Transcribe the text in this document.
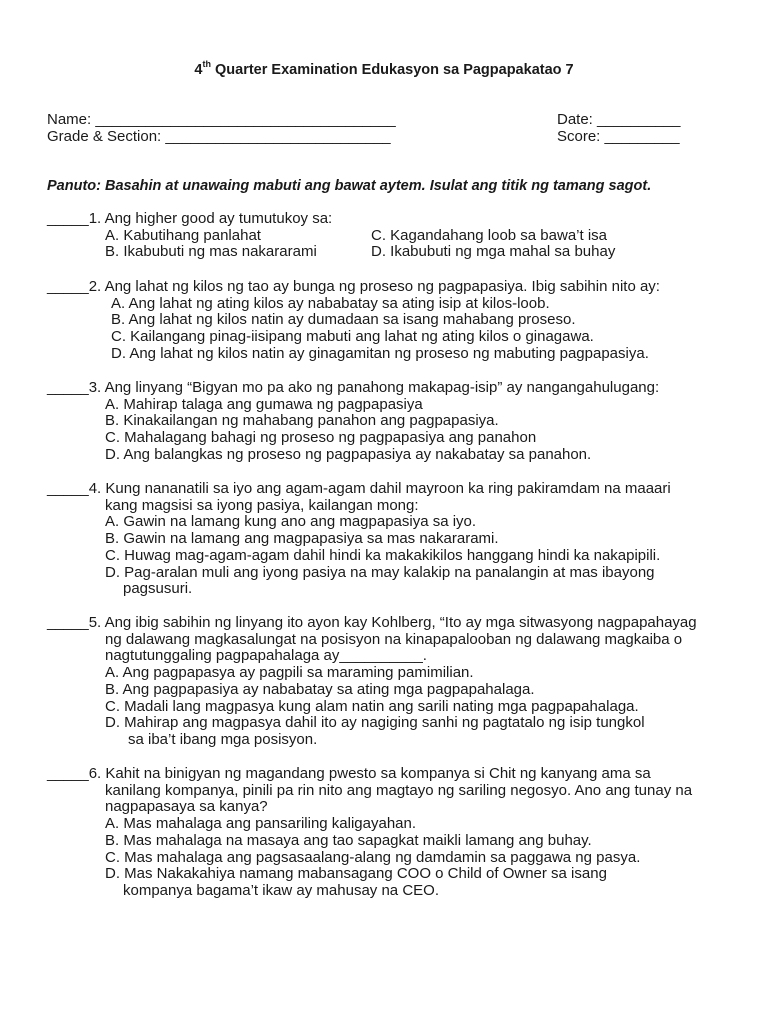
4th Quarter Examination Edukasyon sa Pagpapakatao 7
Name: ____________________________________	Date: __________
Grade & Section: ___________________________	Score: _________
Panuto: Basahin at unawaing mabuti ang bawat aytem. Isulat ang titik ng tamang sagot.
_____ 1. Ang higher good ay tumutukoy sa:
A. Kabutihang panlahat	C. Kagandahang loob sa bawa’t isa
B. Ikabubuti ng mas nakararami	D. Ikabubuti ng mga mahal sa buhay
_____ 2. Ang lahat ng kilos ng tao ay bunga ng proseso ng pagpapasiya. Ibig sabihin nito ay:
A. Ang lahat ng ating kilos ay nababatay sa ating isip at kilos-loob.
B. Ang lahat ng kilos natin ay dumadaan sa isang mahabang proseso.
C. Kailangang pinag-iisipang mabuti ang lahat ng ating kilos o ginagawa.
D. Ang lahat ng kilos natin ay ginagamitan ng proseso ng mabuting pagpapasiya.
_____ 3. Ang linyang “Bigyan mo pa ako ng panahong makapag-isip” ay nangangahulugang:
A. Mahirap talaga ang gumawa ng pagpapasiya
B. Kinakailangan ng mahabang panahon ang pagpapasiya.
C. Mahalagang bahagi ng proseso ng pagpapasiya ang panahon
D. Ang balangkas ng proseso ng pagpapasiya ay nakabatay sa panahon.
_____ 4. Kung nananatili sa iyo ang agam-agam dahil mayroon ka ring pakiramdam na maaari
kang magsisi sa iyong pasiya, kailangan mong:
A. Gawin na lamang kung ano ang magpapasiya sa iyo.
B. Gawin na lamang ang magpapasiya sa mas nakararami.
C. Huwag mag-agam-agam dahil hindi ka makakikilos hanggang hindi ka nakapipili.
D. Pag-aralan muli ang iyong pasiya na may kalakip na panalangin at mas ibayong
pagsusuri.
_____ 5. Ang ibig sabihin ng linyang ito ayon kay Kohlberg, “Ito ay mga sitwasyong nagpapahayag
ng dalawang magkasalungat na posisyon na kinapapalooban ng dalawang magkaiba o
nagtutunggaling pagpapahalaga ay__________.
A. Ang pagpapasya ay pagpili sa maraming pamimilian.
B. Ang pagpapasiya ay nababatay sa ating mga pagpapahalaga.
C. Madali lang magpasya kung alam natin ang sarili nating mga pagpapahalaga.
D. Mahirap ang magpasya dahil ito ay nagiging sanhi ng pagtatalo ng isip tungkol
sa iba’t ibang mga posisyon.
_____ 6. Kahit na binigyan ng magandang pwesto sa kompanya si Chit ng kanyang ama sa
kanilang kompanya, pinili pa rin nito ang magtayo ng sariling negosyo. Ano ang tunay na
nagpapasaya sa kanya?
A. Mas mahalaga ang pansariling kaligayahan.
B. Mas mahalaga na masaya ang tao sapagkat maikli lamang ang buhay.
C. Mas mahalaga ang pagsasaalang-alang ng damdamin sa paggawa ng pasya.
D. Mas Nakakahiya namang mabansagang COO o Child of Owner sa isang
kompanya bagama’t ikaw ay mahusay na CEO.
